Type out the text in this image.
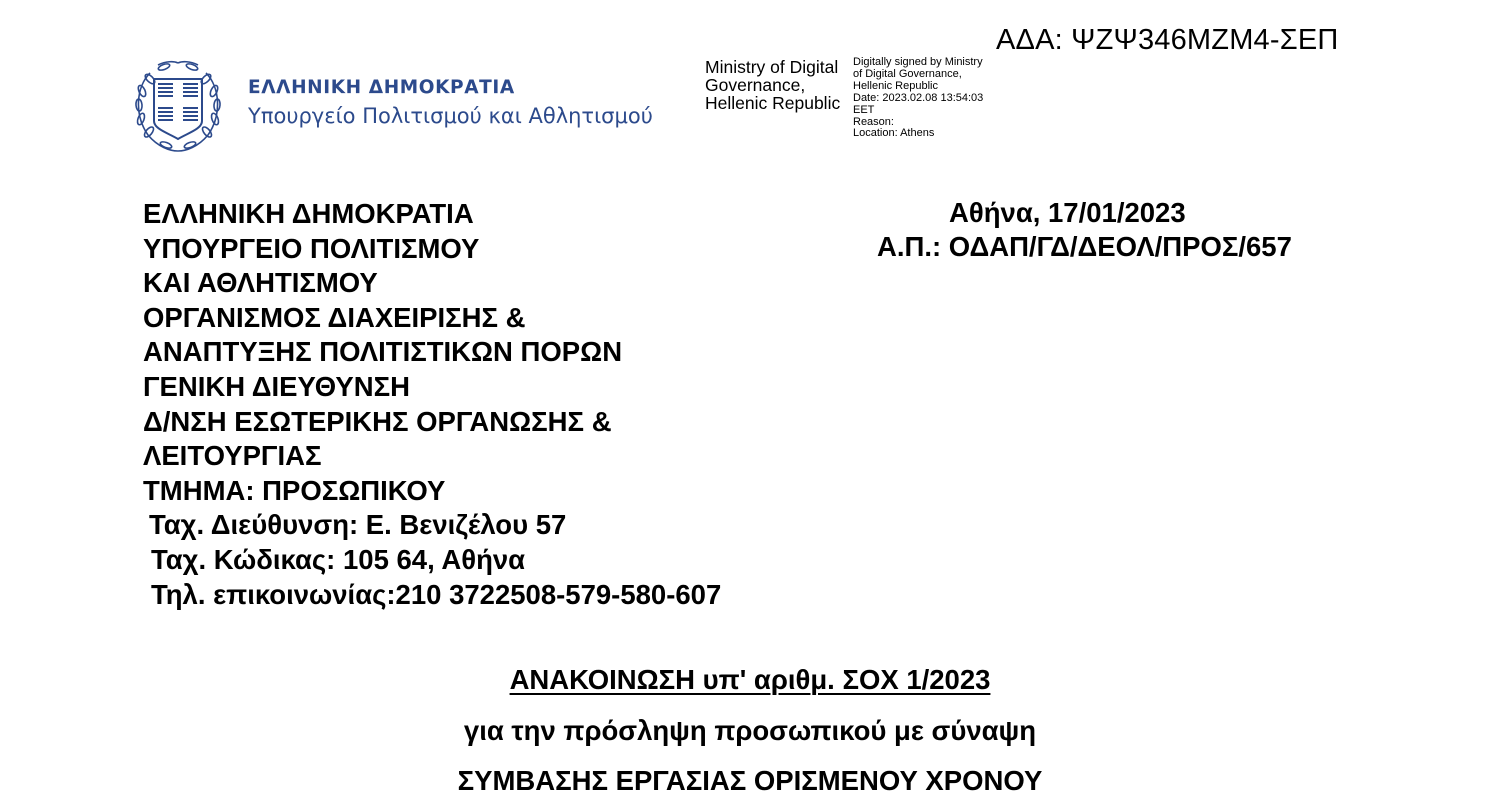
ΑΔΑ: ΨΖΨ346ΜΖΜ4-ΣΕΠ
ΕΛΛΗΝΙΚΗ ΔΗΜΟΚΡΑΤΙΑ
Υπουργείο Πολιτισμού και Αθλητισμού
Ministry of Digital
Governance,
Hellenic Republic
Digitally signed by Ministry
of Digital Governance,
Hellenic Republic
Date: 2023.02.08 13:54:03
EET
Reason:
Location: Athens
ΕΛΛΗΝΙΚΗ ΔΗΜΟΚΡΑΤΙΑ
ΥΠΟΥΡΓΕΙΟ ΠΟΛΙΤΙΣΜΟΥ
ΚΑΙ ΑΘΛΗΤΙΣΜΟΥ
ΟΡΓΑΝΙΣΜΟΣ ΔΙΑΧΕΙΡΙΣΗΣ &
ΑΝΑΠΤΥΞΗΣ ΠΟΛΙΤΙΣΤΙΚΩΝ ΠΟΡΩΝ
ΓΕΝΙΚΗ ΔΙΕΥΘΥΝΣΗ
Δ/ΝΣΗ ΕΣΩΤΕΡΙΚΗΣ ΟΡΓΑΝΩΣΗΣ &
ΛΕΙΤΟΥΡΓΙΑΣ
ΤΜΗΜΑ: ΠΡΟΣΩΠΙΚΟΥ
Ταχ. Διεύθυνση: Ε. Βενιζέλου 57
Ταχ. Κώδικας: 105 64, Αθήνα
Τηλ. επικοινωνίας:210 3722508-579-580-607
Αθήνα, 17/01/2023
Α.Π.: ΟΔΑΠ/ΓΔ/ΔΕΟΛ/ΠΡΟΣ/657
ΑΝΑΚΟΙΝΩΣΗ υπ' αριθμ. ΣΟΧ 1/2023
για την πρόσληψη προσωπικού με σύναψη
ΣΥΜΒΑΣΗΣ ΕΡΓΑΣΙΑΣ ΟΡΙΣΜΕΝΟΥ ΧΡΟΝΟΥ
